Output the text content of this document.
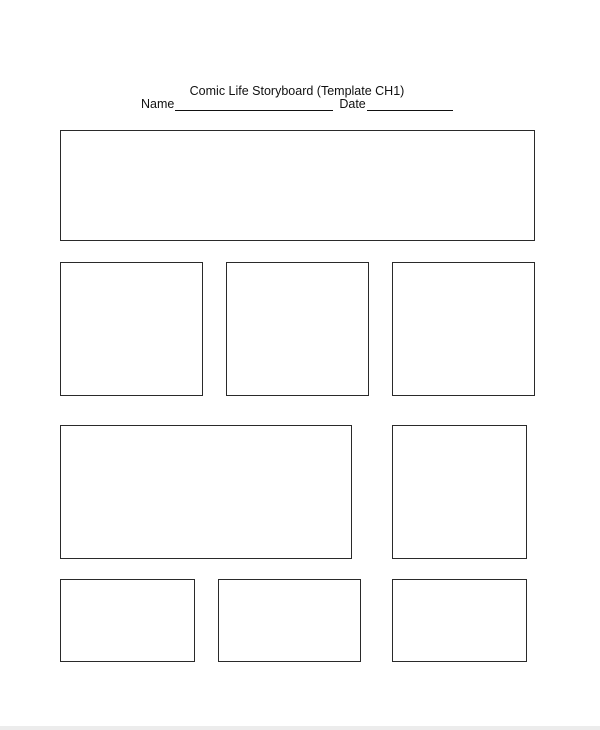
Comic Life Storyboard (Template CH1)
Name	Date
